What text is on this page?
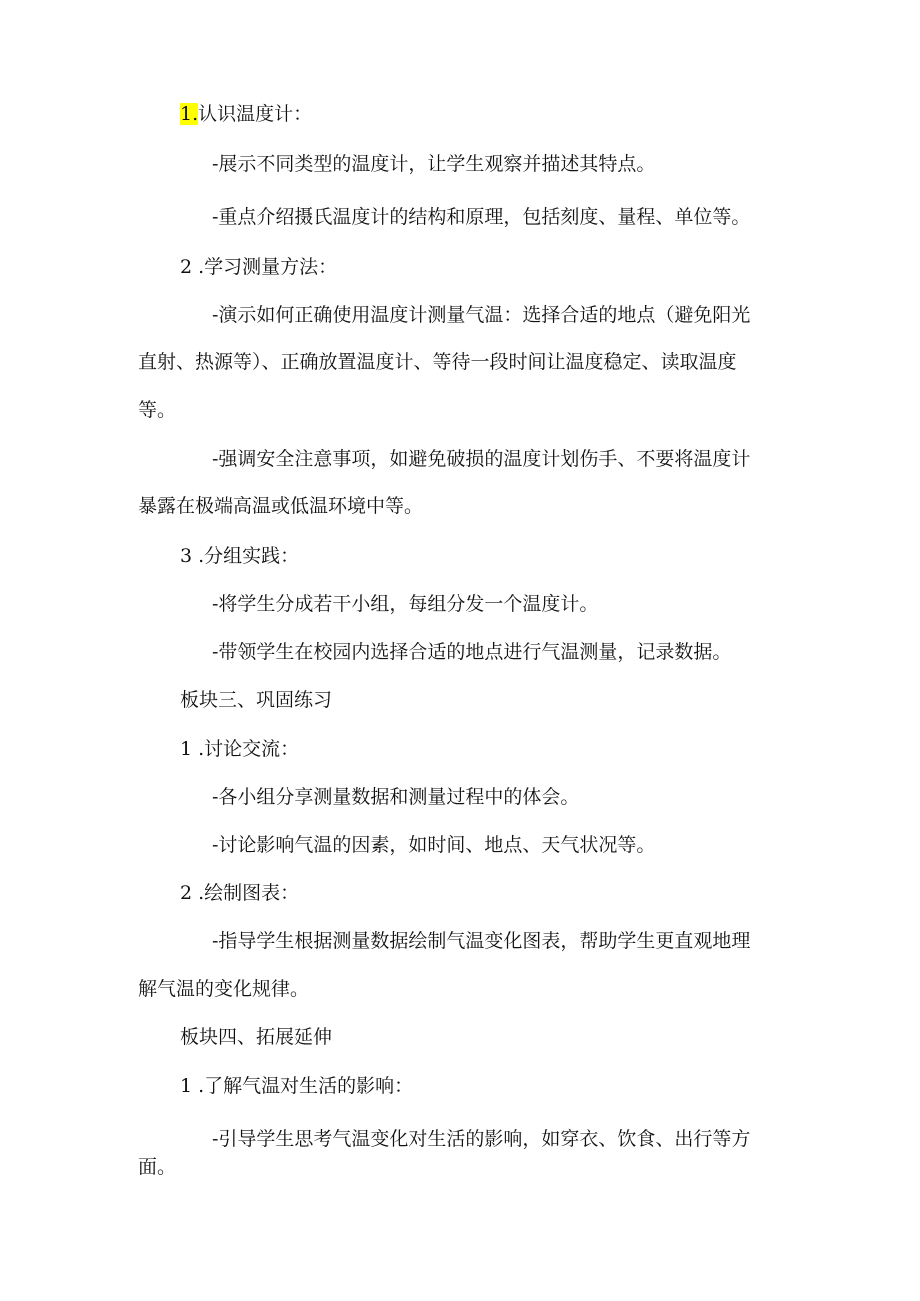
1.认识温度计：
-展示不同类型的温度计，让学生观察并描述其特点。
-重点介绍摄氏温度计的结构和原理，包括刻度、量程、单位等。
2 .学习测量方法：
-演示如何正确使用温度计测量气温：选择合适的地点（避免阳光
直射、热源等）、正确放置温度计、等待一段时间让温度稳定、读取温度
等。
-强调安全注意事项，如避免破损的温度计划伤手、不要将温度计
暴露在极端高温或低温环境中等。
3 .分组实践：
-将学生分成若干小组，每组分发一个温度计。
-带领学生在校园内选择合适的地点进行气温测量，记录数据。
板块三、巩固练习
1 .讨论交流：
-各小组分享测量数据和测量过程中的体会。
-讨论影响气温的因素，如时间、地点、天气状况等。
2 .绘制图表：
-指导学生根据测量数据绘制气温变化图表，帮助学生更直观地理
解气温的变化规律。
板块四、拓展延伸
1 .了解气温对生活的影响：
-引导学生思考气温变化对生活的影响，如穿衣、饮食、出行等方
面。
